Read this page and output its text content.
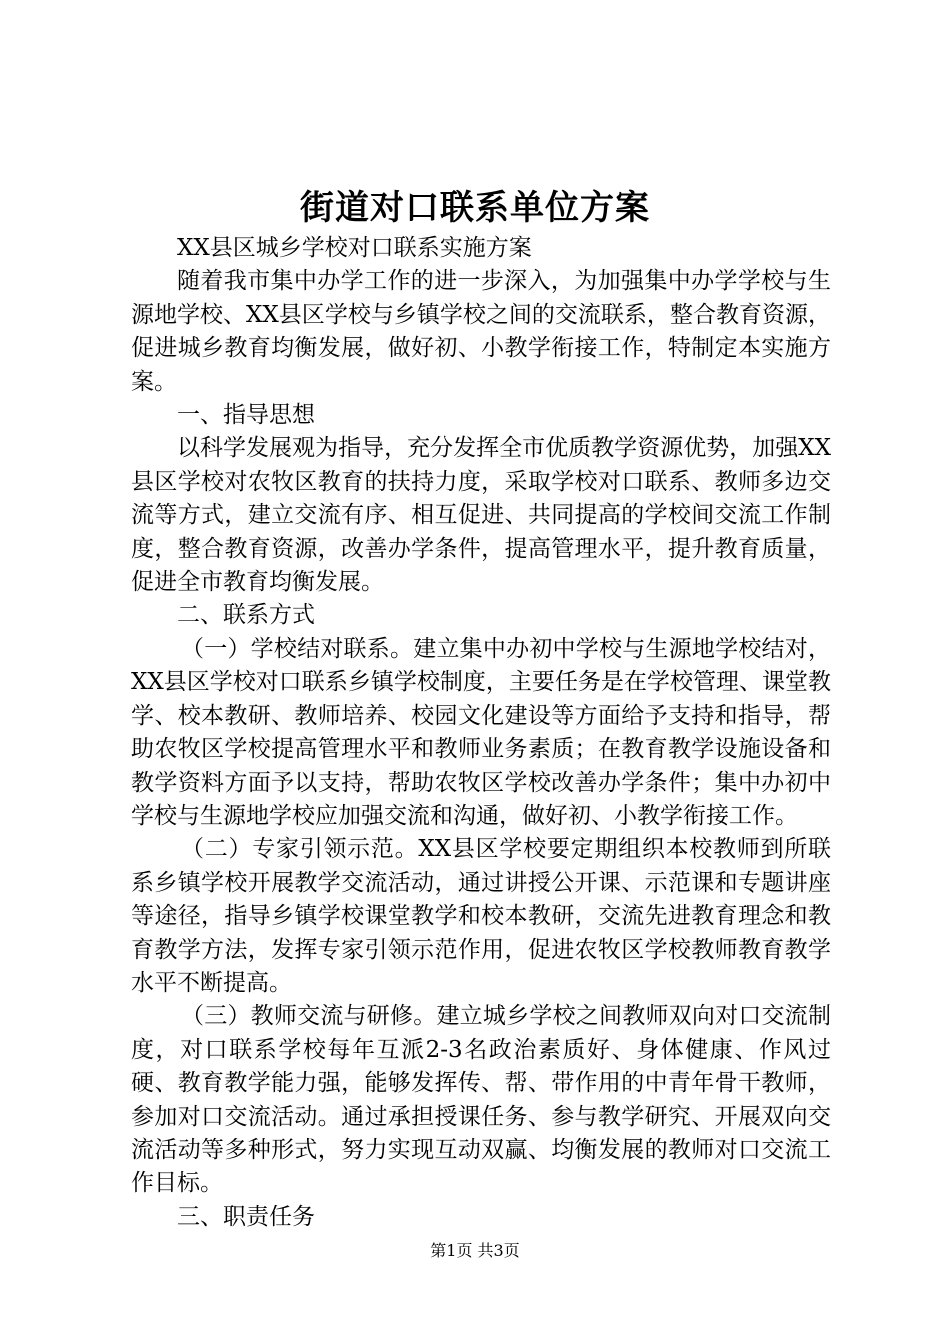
街道对口联系单位方案

XX县区城乡学校对口联系实施方案

随着我市集中办学工作的进一步深入，为加强集中办学学校与生源地学校、XX县区学校与乡镇学校之间的交流联系，整合教育资源，促进城乡教育均衡发展，做好初、小教学衔接工作，特制定本实施方案。

一、指导思想

以科学发展观为指导，充分发挥全市优质教学资源优势，加强XX县区学校对农牧区教育的扶持力度，采取学校对口联系、教师多边交流等方式，建立交流有序、相互促进、共同提高的学校间交流工作制度，整合教育资源，改善办学条件，提高管理水平，提升教育质量，促进全市教育均衡发展。

二、联系方式

（一）学校结对联系。建立集中办初中学校与生源地学校结对，XX县区学校对口联系乡镇学校制度，主要任务是在学校管理、课堂教学、校本教研、教师培养、校园文化建设等方面给予支持和指导，帮助农牧区学校提高管理水平和教师业务素质；在教育教学设施设备和教学资料方面予以支持，帮助农牧区学校改善办学条件；集中办初中学校与生源地学校应加强交流和沟通，做好初、小教学衔接工作。

（二）专家引领示范。XX县区学校要定期组织本校教师到所联系乡镇学校开展教学交流活动，通过讲授公开课、示范课和专题讲座等途径，指导乡镇学校课堂教学和校本教研，交流先进教育理念和教育教学方法，发挥专家引领示范作用，促进农牧区学校教师教育教学水平不断提高。

（三）教师交流与研修。建立城乡学校之间教师双向对口交流制度，对口联系学校每年互派2-3名政治素质好、身体健康、作风过硬、教育教学能力强，能够发挥传、帮、带作用的中青年骨干教师，参加对口交流活动。通过承担授课任务、参与教学研究、开展双向交流活动等多种形式，努力实现互动双赢、均衡发展的教师对口交流工作目标。

三、职责任务

第1页 共3页
